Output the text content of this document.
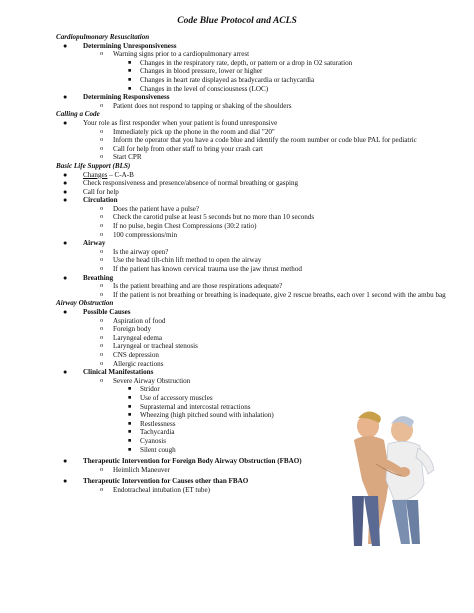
Code Blue Protocol and ACLS
Cardiopulmonary Resuscitation
● Determining Unresponsiveness
o Warning signs prior to a cardiopulmonary arrest
■ Changes in the respiratory rate, depth, or pattern or a drop in O2 saturation
■ Changes in blood pressure, lower or higher
■ Changes in heart rate displayed as bradycardia or tachycardia
■ Changes in the level of consciousness (LOC)
● Determining Responsiveness
o Patient does not respond to tapping or shaking of the shoulders
Calling a Code
● Your role as first responder when your patient is found unresponsive
o Immediately pick up the phone in the room and dial "20"
o Inform the operator that you have a code blue and identify the room number or code blue PAL for pediatric
o Call for help from other staff to bring your crash cart
o Start CPR
Basic Life Support (BLS)
● Changes – C-A-B
● Check responsiveness and presence/absence of normal breathing or gasping
● Call for help
● Circulation
o Does the patient have a pulse?
o Check the carotid pulse at least 5 seconds but no more than 10 seconds
o If no pulse, begin Chest Compressions (30:2 ratio)
o 100 compressions/min
● Airway
o Is the airway open?
o Use the head tilt-chin lift method to open the airway
o If the patient has known cervical trauma use the jaw thrust method
● Breathing
o Is the patient breathing and are those respirations adequate?
o If the patient is not breathing or breathing is inadequate, give 2 rescue breaths, each over 1 second with the ambu bag
Airway Obstruction
● Possible Causes
o Aspiration of food
o Foreign body
o Laryngeal edema
o Laryngeal or tracheal stenosis
o CNS depression
o Allergic reactions
● Clinical Manifestations
o Severe Airway Obstruction
■ Stridor
■ Use of accessory muscles
■ Suprasternal and intercostal retractions
■ Wheezing (high pitched sound with inhalation)
■ Restlessness
■ Tachycardia
■ Cyanosis
■ Silent cough
● Therapeutic Intervention for Foreign Body Airway Obstruction (FBAO)
o Heimlich Maneuver
● Therapeutic Intervention for Causes other than FBAO
o Endotracheal intubation (ET tube)
